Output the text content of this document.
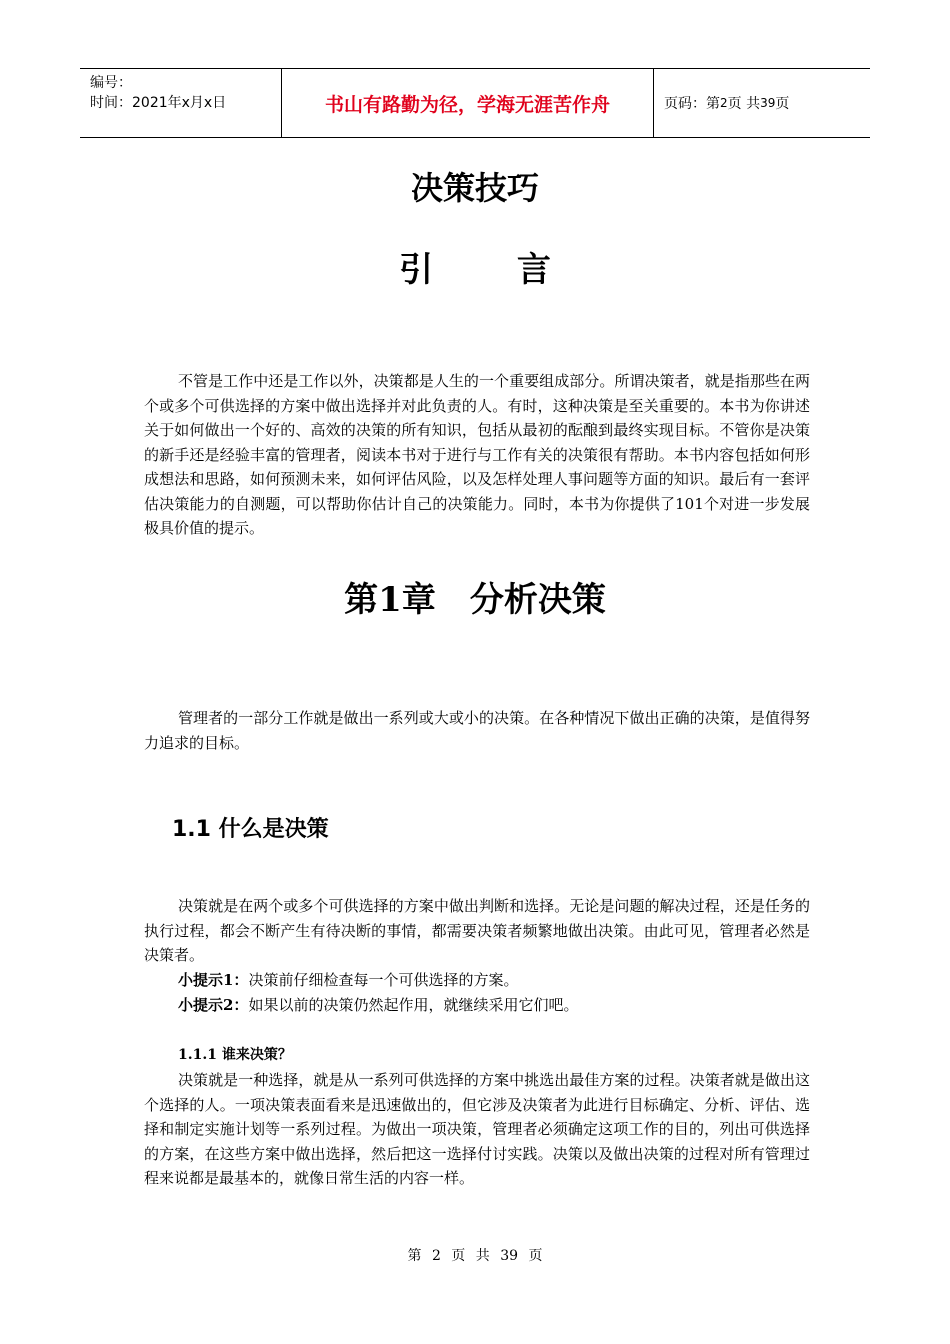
编号：
时间：2021年x月x日	书山有路勤为径，学海无涯苦作舟	页码：第 2 页 共 39 页
决策技巧
引 言
不管是工作中还是工作以外，决策都是人生的一个重要组成部分。所谓决策者，就是指那些在两个或多个可供选择的方案中做出选择并对此负责的人。有时，这种决策是至关重要的。本书为你讲述关于如何做出一个好的、高效的决策的所有知识，包括从最初的酝酿到最终实现目标。不管你是决策的新手还是经验丰富的管理者，阅读本书对于进行与工作有关的决策很有帮助。本书内容包括如何形成想法和思路，如何预测未来，如何评估风险，以及怎样处理人事问题等方面的知识。最后有一套评估决策能力的自测题，可以帮助你估计自己的决策能力。同时，本书为你提供了101个对进一步发展极具价值的提示。
第1章　分析决策
管理者的一部分工作就是做出一系列或大或小的决策。在各种情况下做出正确的决策，是值得努力追求的目标。
1.1 什么是决策
决策就是在两个或多个可供选择的方案中做出判断和选择。无论是问题的解决过程，还是任务的执行过程，都会不断产生有待决断的事情，都需要决策者频繁地做出决策。由此可见，管理者必然是决策者。
小提示1：决策前仔细检查每一个可供选择的方案。
小提示2：如果以前的决策仍然起作用，就继续采用它们吧。
1.1.1 谁来决策？
决策就是一种选择，就是从一系列可供选择的方案中挑选出最佳方案的过程。决策者就是做出这个选择的人。一项决策表面看来是迅速做出的，但它涉及决策者为此进行目标确定、分析、评估、选择和制定实施计划等一系列过程。为做出一项决策，管理者必须确定这项工作的目的，列出可供选择的方案，在这些方案中做出选择，然后把这一选择付讨实践。决策以及做出决策的过程对所有管理过程来说都是最基本的，就像日常生活的内容一样。
第 2 页 共 39 页
